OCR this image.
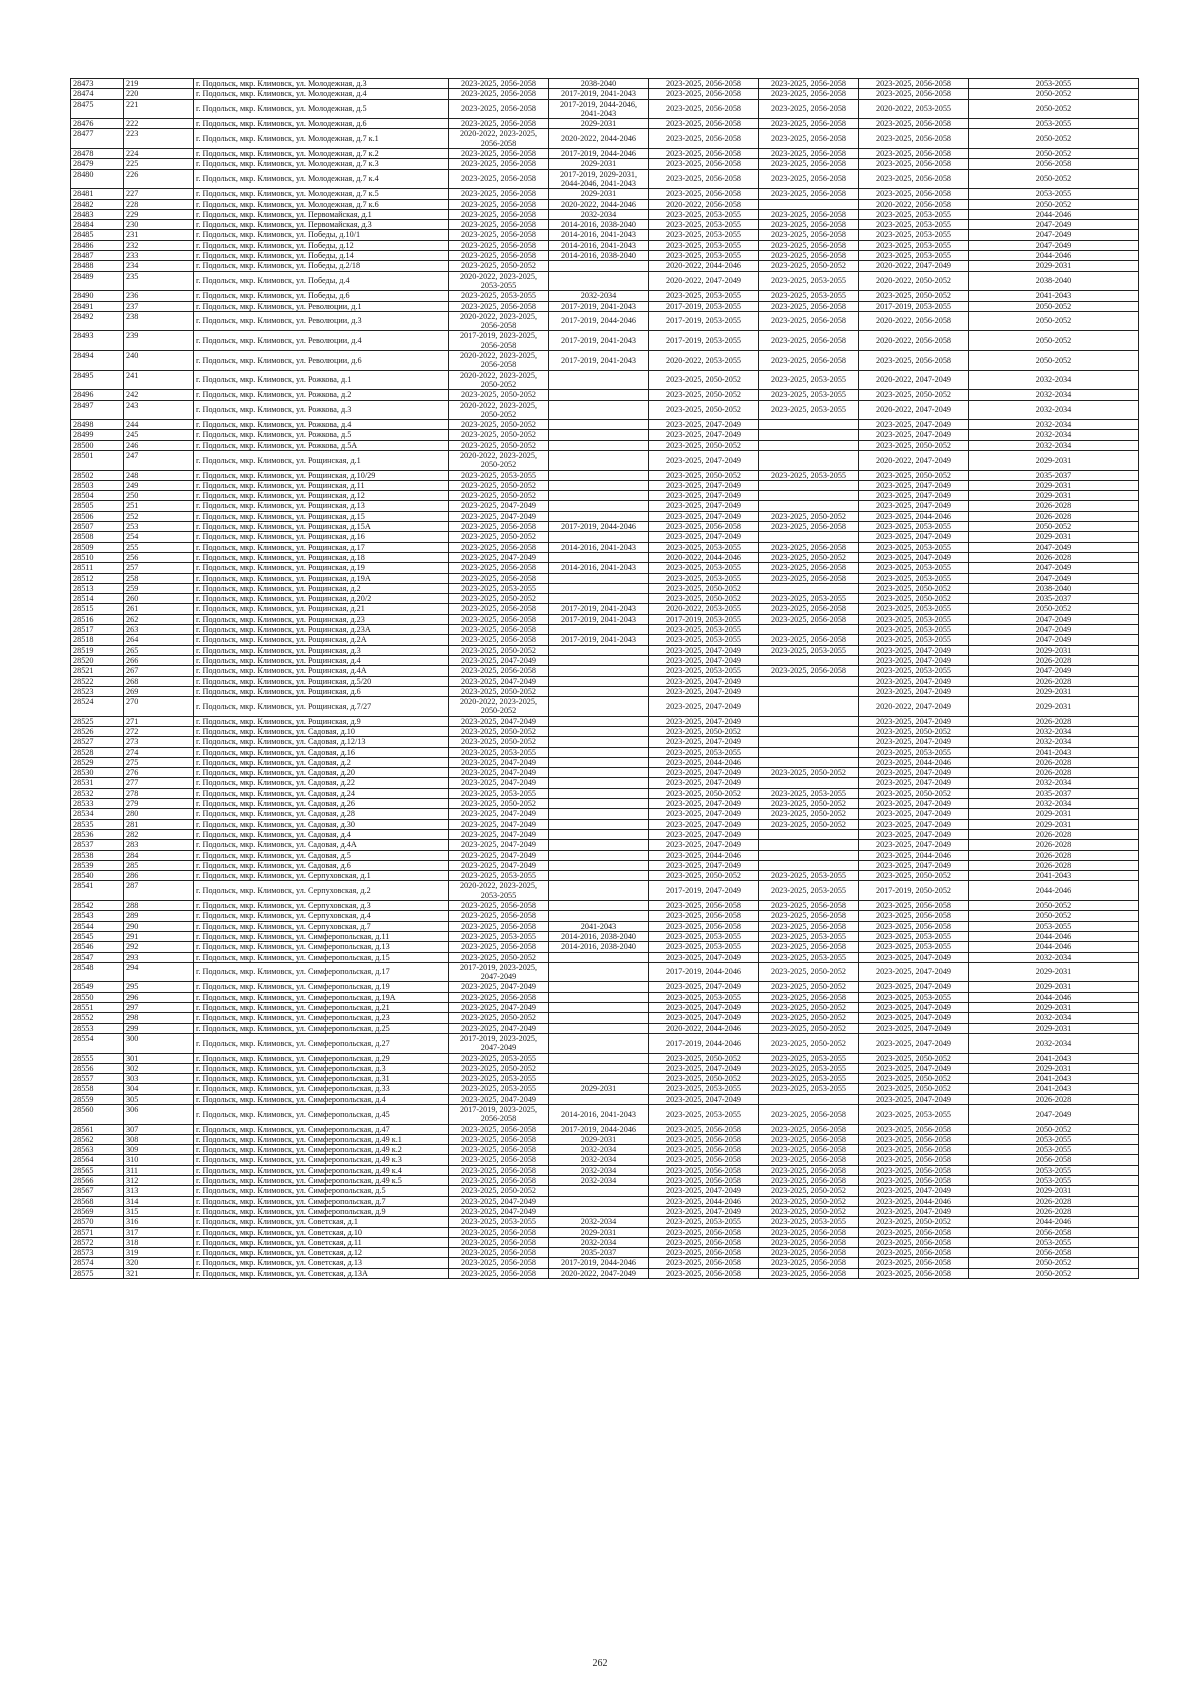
28473	219	г. Подольск, мкр. Климовск, ул. Молодежная, д.3	2023-2025, 2056-2058	2038-2040	2023-2025, 2056-2058	2023-2025, 2056-2058	2023-2025, 2056-2058	2053-2055
28474	220	г. Подольск, мкр. Климовск, ул. Молодежная, д.4	2023-2025, 2056-2058	2017-2019, 2041-2043	2023-2025, 2056-2058	2023-2025, 2056-2058	2023-2025, 2056-2058	2050-2052
28475	221	г. Подольск, мкр. Климовск, ул. Молодежная, д.5	2023-2025, 2056-2058	2017-2019, 2044-2046,
2041-2043	2023-2025, 2056-2058	2023-2025, 2056-2058	2020-2022, 2053-2055	2050-2052
28476	222	г. Подольск, мкр. Климовск, ул. Молодежная, д.6	2023-2025, 2056-2058	2029-2031	2023-2025, 2056-2058	2023-2025, 2056-2058	2023-2025, 2056-2058	2053-2055
28477	223	г. Подольск, мкр. Климовск, ул. Молодежная, д.7 к.1	2020-2022, 2023-2025,
2056-2058	2020-2022, 2044-2046	2023-2025, 2056-2058	2023-2025, 2056-2058	2023-2025, 2056-2058	2050-2052
28478	224	г. Подольск, мкр. Климовск, ул. Молодежная, д.7 к.2	2023-2025, 2056-2058	2017-2019, 2044-2046	2023-2025, 2056-2058	2023-2025, 2056-2058	2023-2025, 2056-2058	2050-2052
28479	225	г. Подольск, мкр. Климовск, ул. Молодежная, д.7 к.3	2023-2025, 2056-2058	2029-2031	2023-2025, 2056-2058	2023-2025, 2056-2058	2023-2025, 2056-2058	2056-2058
28480	226	г. Подольск, мкр. Климовск, ул. Молодежная, д.7 к.4	2023-2025, 2056-2058	2017-2019, 2029-2031,
2044-2046, 2041-2043	2023-2025, 2056-2058	2023-2025, 2056-2058	2023-2025, 2056-2058	2050-2052
28481	227	г. Подольск, мкр. Климовск, ул. Молодежная, д.7 к.5	2023-2025, 2056-2058	2029-2031	2023-2025, 2056-2058	2023-2025, 2056-2058	2023-2025, 2056-2058	2053-2055
28482	228	г. Подольск, мкр. Климовск, ул. Молодежная, д.7 к.6	2023-2025, 2056-2058	2020-2022, 2044-2046	2020-2022, 2056-2058		2020-2022, 2056-2058	2050-2052
28483	229	г. Подольск, мкр. Климовск, ул. Первомайская, д.1	2023-2025, 2056-2058	2032-2034	2023-2025, 2053-2055	2023-2025, 2056-2058	2023-2025, 2053-2055	2044-2046
28484	230	г. Подольск, мкр. Климовск, ул. Первомайская, д.3	2023-2025, 2056-2058	2014-2016, 2038-2040	2023-2025, 2053-2055	2023-2025, 2056-2058	2023-2025, 2053-2055	2047-2049
28485	231	г. Подольск, мкр. Климовск, ул. Победы, д.10/1	2023-2025, 2056-2058	2014-2016, 2041-2043	2023-2025, 2053-2055	2023-2025, 2056-2058	2023-2025, 2053-2055	2047-2049
28486	232	г. Подольск, мкр. Климовск, ул. Победы, д.12	2023-2025, 2056-2058	2014-2016, 2041-2043	2023-2025, 2053-2055	2023-2025, 2056-2058	2023-2025, 2053-2055	2047-2049
28487	233	г. Подольск, мкр. Климовск, ул. Победы, д.14	2023-2025, 2056-2058	2014-2016, 2038-2040	2023-2025, 2053-2055	2023-2025, 2056-2058	2023-2025, 2053-2055	2044-2046
28488	234	г. Подольск, мкр. Климовск, ул. Победы, д.2/18	2023-2025, 2050-2052		2020-2022, 2044-2046	2023-2025, 2050-2052	2020-2022, 2047-2049	2029-2031
28489	235	г. Подольск, мкр. Климовск, ул. Победы, д.4	2020-2022, 2023-2025,
2053-2055		2020-2022, 2047-2049	2023-2025, 2053-2055	2020-2022, 2050-2052	2038-2040
28490	236	г. Подольск, мкр. Климовск, ул. Победы, д.6	2023-2025, 2053-2055	2032-2034	2023-2025, 2053-2055	2023-2025, 2053-2055	2023-2025, 2050-2052	2041-2043
28491	237	г. Подольск, мкр. Климовск, ул. Революции, д.1	2023-2025, 2056-2058	2017-2019, 2041-2043	2017-2019, 2053-2055	2023-2025, 2056-2058	2017-2019, 2053-2055	2050-2052
28492	238	г. Подольск, мкр. Климовск, ул. Революции, д.3	2020-2022, 2023-2025,
2056-2058	2017-2019, 2044-2046	2017-2019, 2053-2055	2023-2025, 2056-2058	2020-2022, 2056-2058	2050-2052
28493	239	г. Подольск, мкр. Климовск, ул. Революции, д.4	2017-2019, 2023-2025,
2056-2058	2017-2019, 2041-2043	2017-2019, 2053-2055	2023-2025, 2056-2058	2020-2022, 2056-2058	2050-2052
28494	240	г. Подольск, мкр. Климовск, ул. Революции, д.6	2020-2022, 2023-2025,
2056-2058	2017-2019, 2041-2043	2020-2022, 2053-2055	2023-2025, 2056-2058	2023-2025, 2056-2058	2050-2052
28495	241	г. Подольск, мкр. Климовск, ул. Рожкова, д.1	2020-2022, 2023-2025,
2050-2052		2023-2025, 2050-2052	2023-2025, 2053-2055	2020-2022, 2047-2049	2032-2034
28496	242	г. Подольск, мкр. Климовск, ул. Рожкова, д.2	2023-2025, 2050-2052		2023-2025, 2050-2052	2023-2025, 2053-2055	2023-2025, 2050-2052	2032-2034
28497	243	г. Подольск, мкр. Климовск, ул. Рожкова, д.3	2020-2022, 2023-2025,
2050-2052		2023-2025, 2050-2052	2023-2025, 2053-2055	2020-2022, 2047-2049	2032-2034
28498	244	г. Подольск, мкр. Климовск, ул. Рожкова, д.4	2023-2025, 2050-2052		2023-2025, 2047-2049		2023-2025, 2047-2049	2032-2034
28499	245	г. Подольск, мкр. Климовск, ул. Рожкова, д.5	2023-2025, 2050-2052		2023-2025, 2047-2049		2023-2025, 2047-2049	2032-2034
28500	246	г. Подольск, мкр. Климовск, ул. Рожкова, д.5А	2023-2025, 2050-2052		2023-2025, 2050-2052		2023-2025, 2050-2052	2032-2034
28501	247	г. Подольск, мкр. Климовск, ул. Рощинская, д.1	2020-2022, 2023-2025,
2050-2052		2023-2025, 2047-2049		2020-2022, 2047-2049	2029-2031
28502	248	г. Подольск, мкр. Климовск, ул. Рощинская, д.10/29	2023-2025, 2053-2055		2023-2025, 2050-2052	2023-2025, 2053-2055	2023-2025, 2050-2052	2035-2037
28503	249	г. Подольск, мкр. Климовск, ул. Рощинская, д.11	2023-2025, 2050-2052		2023-2025, 2047-2049		2023-2025, 2047-2049	2029-2031
28504	250	г. Подольск, мкр. Климовск, ул. Рощинская, д.12	2023-2025, 2050-2052		2023-2025, 2047-2049		2023-2025, 2047-2049	2029-2031
28505	251	г. Подольск, мкр. Климовск, ул. Рощинская, д.13	2023-2025, 2047-2049		2023-2025, 2047-2049		2023-2025, 2047-2049	2026-2028
28506	252	г. Подольск, мкр. Климовск, ул. Рощинская, д.15	2023-2025, 2047-2049		2023-2025, 2047-2049	2023-2025, 2050-2052	2023-2025, 2044-2046	2026-2028
28507	253	г. Подольск, мкр. Климовск, ул. Рощинская, д.15А	2023-2025, 2056-2058	2017-2019, 2044-2046	2023-2025, 2056-2058	2023-2025, 2056-2058	2023-2025, 2053-2055	2050-2052
28508	254	г. Подольск, мкр. Климовск, ул. Рощинская, д.16	2023-2025, 2050-2052		2023-2025, 2047-2049		2023-2025, 2047-2049	2029-2031
28509	255	г. Подольск, мкр. Климовск, ул. Рощинская, д.17	2023-2025, 2056-2058	2014-2016, 2041-2043	2023-2025, 2053-2055	2023-2025, 2056-2058	2023-2025, 2053-2055	2047-2049
28510	256	г. Подольск, мкр. Климовск, ул. Рощинская, д.18	2023-2025, 2047-2049		2020-2022, 2044-2046	2023-2025, 2050-2052	2023-2025, 2047-2049	2026-2028
28511	257	г. Подольск, мкр. Климовск, ул. Рощинская, д.19	2023-2025, 2056-2058	2014-2016, 2041-2043	2023-2025, 2053-2055	2023-2025, 2056-2058	2023-2025, 2053-2055	2047-2049
28512	258	г. Подольск, мкр. Климовск, ул. Рощинская, д.19А	2023-2025, 2056-2058		2023-2025, 2053-2055	2023-2025, 2056-2058	2023-2025, 2053-2055	2047-2049
28513	259	г. Подольск, мкр. Климовск, ул. Рощинская, д.2	2023-2025, 2053-2055		2023-2025, 2050-2052		2023-2025, 2050-2052	2038-2040
28514	260	г. Подольск, мкр. Климовск, ул. Рощинская, д.20/2	2023-2025, 2050-2052		2023-2025, 2050-2052	2023-2025, 2053-2055	2023-2025, 2050-2052	2035-2037
28515	261	г. Подольск, мкр. Климовск, ул. Рощинская, д.21	2023-2025, 2056-2058	2017-2019, 2041-2043	2020-2022, 2053-2055	2023-2025, 2056-2058	2023-2025, 2053-2055	2050-2052
28516	262	г. Подольск, мкр. Климовск, ул. Рощинская, д.23	2023-2025, 2056-2058	2017-2019, 2041-2043	2017-2019, 2053-2055	2023-2025, 2056-2058	2023-2025, 2053-2055	2047-2049
28517	263	г. Подольск, мкр. Климовск, ул. Рощинская, д.23А	2023-2025, 2056-2058		2023-2025, 2053-2055		2023-2025, 2053-2055	2047-2049
28518	264	г. Подольск, мкр. Климовск, ул. Рощинская, д.2А	2023-2025, 2056-2058	2017-2019, 2041-2043	2023-2025, 2053-2055	2023-2025, 2056-2058	2023-2025, 2053-2055	2047-2049
28519	265	г. Подольск, мкр. Климовск, ул. Рощинская, д.3	2023-2025, 2050-2052		2023-2025, 2047-2049	2023-2025, 2053-2055	2023-2025, 2047-2049	2029-2031
28520	266	г. Подольск, мкр. Климовск, ул. Рощинская, д.4	2023-2025, 2047-2049		2023-2025, 2047-2049		2023-2025, 2047-2049	2026-2028
28521	267	г. Подольск, мкр. Климовск, ул. Рощинская, д.4А	2023-2025, 2056-2058		2023-2025, 2053-2055	2023-2025, 2056-2058	2023-2025, 2053-2055	2047-2049
28522	268	г. Подольск, мкр. Климовск, ул. Рощинская, д.5/20	2023-2025, 2047-2049		2023-2025, 2047-2049		2023-2025, 2047-2049	2026-2028
28523	269	г. Подольск, мкр. Климовск, ул. Рощинская, д.6	2023-2025, 2050-2052		2023-2025, 2047-2049		2023-2025, 2047-2049	2029-2031
28524	270	г. Подольск, мкр. Климовск, ул. Рощинская, д.7/27	2020-2022, 2023-2025,
2050-2052		2023-2025, 2047-2049		2020-2022, 2047-2049	2029-2031
28525	271	г. Подольск, мкр. Климовск, ул. Рощинская, д.9	2023-2025, 2047-2049		2023-2025, 2047-2049		2023-2025, 2047-2049	2026-2028
28526	272	г. Подольск, мкр. Климовск, ул. Садовая, д.10	2023-2025, 2050-2052		2023-2025, 2050-2052		2023-2025, 2050-2052	2032-2034
28527	273	г. Подольск, мкр. Климовск, ул. Садовая, д.12/13	2023-2025, 2050-2052		2023-2025, 2047-2049		2023-2025, 2047-2049	2032-2034
28528	274	г. Подольск, мкр. Климовск, ул. Садовая, д.16	2023-2025, 2053-2055		2023-2025, 2053-2055		2023-2025, 2053-2055	2041-2043
28529	275	г. Подольск, мкр. Климовск, ул. Садовая, д.2	2023-2025, 2047-2049		2023-2025, 2044-2046		2023-2025, 2044-2046	2026-2028
28530	276	г. Подольск, мкр. Климовск, ул. Садовая, д.20	2023-2025, 2047-2049		2023-2025, 2047-2049	2023-2025, 2050-2052	2023-2025, 2047-2049	2026-2028
28531	277	г. Подольск, мкр. Климовск, ул. Садовая, д.22	2023-2025, 2047-2049		2023-2025, 2047-2049		2023-2025, 2047-2049	2032-2034
28532	278	г. Подольск, мкр. Климовск, ул. Садовая, д.24	2023-2025, 2053-2055		2023-2025, 2050-2052	2023-2025, 2053-2055	2023-2025, 2050-2052	2035-2037
28533	279	г. Подольск, мкр. Климовск, ул. Садовая, д.26	2023-2025, 2050-2052		2023-2025, 2047-2049	2023-2025, 2050-2052	2023-2025, 2047-2049	2032-2034
28534	280	г. Подольск, мкр. Климовск, ул. Садовая, д.28	2023-2025, 2047-2049		2023-2025, 2047-2049	2023-2025, 2050-2052	2023-2025, 2047-2049	2029-2031
28535	281	г. Подольск, мкр. Климовск, ул. Садовая, д.30	2023-2025, 2047-2049		2023-2025, 2047-2049	2023-2025, 2050-2052	2023-2025, 2047-2049	2029-2031
28536	282	г. Подольск, мкр. Климовск, ул. Садовая, д.4	2023-2025, 2047-2049		2023-2025, 2047-2049		2023-2025, 2047-2049	2026-2028
28537	283	г. Подольск, мкр. Климовск, ул. Садовая, д.4А	2023-2025, 2047-2049		2023-2025, 2047-2049		2023-2025, 2047-2049	2026-2028
28538	284	г. Подольск, мкр. Климовск, ул. Садовая, д.5	2023-2025, 2047-2049		2023-2025, 2044-2046		2023-2025, 2044-2046	2026-2028
28539	285	г. Подольск, мкр. Климовск, ул. Садовая, д.6	2023-2025, 2047-2049		2023-2025, 2047-2049		2023-2025, 2047-2049	2026-2028
28540	286	г. Подольск, мкр. Климовск, ул. Серпуховская, д.1	2023-2025, 2053-2055		2023-2025, 2050-2052	2023-2025, 2053-2055	2023-2025, 2050-2052	2041-2043
28541	287	г. Подольск, мкр. Климовск, ул. Серпуховская, д.2	2020-2022, 2023-2025,
2053-2055		2017-2019, 2047-2049	2023-2025, 2053-2055	2017-2019, 2050-2052	2044-2046
28542	288	г. Подольск, мкр. Климовск, ул. Серпуховская, д.3	2023-2025, 2056-2058		2023-2025, 2056-2058	2023-2025, 2056-2058	2023-2025, 2056-2058	2050-2052
28543	289	г. Подольск, мкр. Климовск, ул. Серпуховская, д.4	2023-2025, 2056-2058		2023-2025, 2056-2058	2023-2025, 2056-2058	2023-2025, 2056-2058	2050-2052
28544	290	г. Подольск, мкр. Климовск, ул. Серпуховская, д.7	2023-2025, 2056-2058	2041-2043	2023-2025, 2056-2058	2023-2025, 2056-2058	2023-2025, 2056-2058	2053-2055
28545	291	г. Подольск, мкр. Климовск, ул. Симферопольская, д.11	2023-2025, 2053-2055	2014-2016, 2038-2040	2023-2025, 2053-2055	2023-2025, 2053-2055	2023-2025, 2053-2055	2044-2046
28546	292	г. Подольск, мкр. Климовск, ул. Симферопольская, д.13	2023-2025, 2056-2058	2014-2016, 2038-2040	2023-2025, 2053-2055	2023-2025, 2056-2058	2023-2025, 2053-2055	2044-2046
28547	293	г. Подольск, мкр. Климовск, ул. Симферопольская, д.15	2023-2025, 2050-2052		2023-2025, 2047-2049	2023-2025, 2053-2055	2023-2025, 2047-2049	2032-2034
28548	294	г. Подольск, мкр. Климовск, ул. Симферопольская, д.17	2017-2019, 2023-2025,
2047-2049		2017-2019, 2044-2046	2023-2025, 2050-2052	2023-2025, 2047-2049	2029-2031
28549	295	г. Подольск, мкр. Климовск, ул. Симферопольская, д.19	2023-2025, 2047-2049		2023-2025, 2047-2049	2023-2025, 2050-2052	2023-2025, 2047-2049	2029-2031
28550	296	г. Подольск, мкр. Климовск, ул. Симферопольская, д.19А	2023-2025, 2056-2058		2023-2025, 2053-2055	2023-2025, 2056-2058	2023-2025, 2053-2055	2044-2046
28551	297	г. Подольск, мкр. Климовск, ул. Симферопольская, д.21	2023-2025, 2047-2049		2023-2025, 2047-2049	2023-2025, 2050-2052	2023-2025, 2047-2049	2029-2031
28552	298	г. Подольск, мкр. Климовск, ул. Симферопольская, д.23	2023-2025, 2050-2052		2023-2025, 2047-2049	2023-2025, 2050-2052	2023-2025, 2047-2049	2032-2034
28553	299	г. Подольск, мкр. Климовск, ул. Симферопольская, д.25	2023-2025, 2047-2049		2020-2022, 2044-2046	2023-2025, 2050-2052	2023-2025, 2047-2049	2029-2031
28554	300	г. Подольск, мкр. Климовск, ул. Симферопольская, д.27	2017-2019, 2023-2025,
2047-2049		2017-2019, 2044-2046	2023-2025, 2050-2052	2023-2025, 2047-2049	2032-2034
28555	301	г. Подольск, мкр. Климовск, ул. Симферопольская, д.29	2023-2025, 2053-2055		2023-2025, 2050-2052	2023-2025, 2053-2055	2023-2025, 2050-2052	2041-2043
28556	302	г. Подольск, мкр. Климовск, ул. Симферопольская, д.3	2023-2025, 2050-2052		2023-2025, 2047-2049	2023-2025, 2053-2055	2023-2025, 2047-2049	2029-2031
28557	303	г. Подольск, мкр. Климовск, ул. Симферопольская, д.31	2023-2025, 2053-2055		2023-2025, 2050-2052	2023-2025, 2053-2055	2023-2025, 2050-2052	2041-2043
28558	304	г. Подольск, мкр. Климовск, ул. Симферопольская, д.33	2023-2025, 2053-2055	2029-2031	2023-2025, 2053-2055	2023-2025, 2053-2055	2023-2025, 2050-2052	2041-2043
28559	305	г. Подольск, мкр. Климовск, ул. Симферопольская, д.4	2023-2025, 2047-2049		2023-2025, 2047-2049		2023-2025, 2047-2049	2026-2028
28560	306	г. Подольск, мкр. Климовск, ул. Симферопольская, д.45	2017-2019, 2023-2025,
2056-2058	2014-2016, 2041-2043	2023-2025, 2053-2055	2023-2025, 2056-2058	2023-2025, 2053-2055	2047-2049
28561	307	г. Подольск, мкр. Климовск, ул. Симферопольская, д.47	2023-2025, 2056-2058	2017-2019, 2044-2046	2023-2025, 2056-2058	2023-2025, 2056-2058	2023-2025, 2056-2058	2050-2052
28562	308	г. Подольск, мкр. Климовск, ул. Симферопольская, д.49 к.1	2023-2025, 2056-2058	2029-2031	2023-2025, 2056-2058	2023-2025, 2056-2058	2023-2025, 2056-2058	2053-2055
28563	309	г. Подольск, мкр. Климовск, ул. Симферопольская, д.49 к.2	2023-2025, 2056-2058	2032-2034	2023-2025, 2056-2058	2023-2025, 2056-2058	2023-2025, 2056-2058	2053-2055
28564	310	г. Подольск, мкр. Климовск, ул. Симферопольская, д.49 к.3	2023-2025, 2056-2058	2032-2034	2023-2025, 2056-2058	2023-2025, 2056-2058	2023-2025, 2056-2058	2056-2058
28565	311	г. Подольск, мкр. Климовск, ул. Симферопольская, д.49 к.4	2023-2025, 2056-2058	2032-2034	2023-2025, 2056-2058	2023-2025, 2056-2058	2023-2025, 2056-2058	2053-2055
28566	312	г. Подольск, мкр. Климовск, ул. Симферопольская, д.49 к.5	2023-2025, 2056-2058	2032-2034	2023-2025, 2056-2058	2023-2025, 2056-2058	2023-2025, 2056-2058	2053-2055
28567	313	г. Подольск, мкр. Климовск, ул. Симферопольская, д.5	2023-2025, 2050-2052		2023-2025, 2047-2049	2023-2025, 2050-2052	2023-2025, 2047-2049	2029-2031
28568	314	г. Подольск, мкр. Климовск, ул. Симферопольская, д.7	2023-2025, 2047-2049		2023-2025, 2044-2046	2023-2025, 2050-2052	2023-2025, 2044-2046	2026-2028
28569	315	г. Подольск, мкр. Климовск, ул. Симферопольская, д.9	2023-2025, 2047-2049		2023-2025, 2047-2049	2023-2025, 2050-2052	2023-2025, 2047-2049	2026-2028
28570	316	г. Подольск, мкр. Климовск, ул. Советская, д.1	2023-2025, 2053-2055	2032-2034	2023-2025, 2053-2055	2023-2025, 2053-2055	2023-2025, 2050-2052	2044-2046
28571	317	г. Подольск, мкр. Климовск, ул. Советская, д.10	2023-2025, 2056-2058	2029-2031	2023-2025, 2056-2058	2023-2025, 2056-2058	2023-2025, 2056-2058	2056-2058
28572	318	г. Подольск, мкр. Климовск, ул. Советская, д.11	2023-2025, 2056-2058	2032-2034	2023-2025, 2056-2058	2023-2025, 2056-2058	2023-2025, 2056-2058	2053-2055
28573	319	г. Подольск, мкр. Климовск, ул. Советская, д.12	2023-2025, 2056-2058	2035-2037	2023-2025, 2056-2058	2023-2025, 2056-2058	2023-2025, 2056-2058	2056-2058
28574	320	г. Подольск, мкр. Климовск, ул. Советская, д.13	2023-2025, 2056-2058	2017-2019, 2044-2046	2023-2025, 2056-2058	2023-2025, 2056-2058	2023-2025, 2056-2058	2050-2052
28575	321	г. Подольск, мкр. Климовск, ул. Советская, д.13А	2023-2025, 2056-2058	2020-2022, 2047-2049	2023-2025, 2056-2058	2023-2025, 2056-2058	2023-2025, 2056-2058	2050-2052
262
